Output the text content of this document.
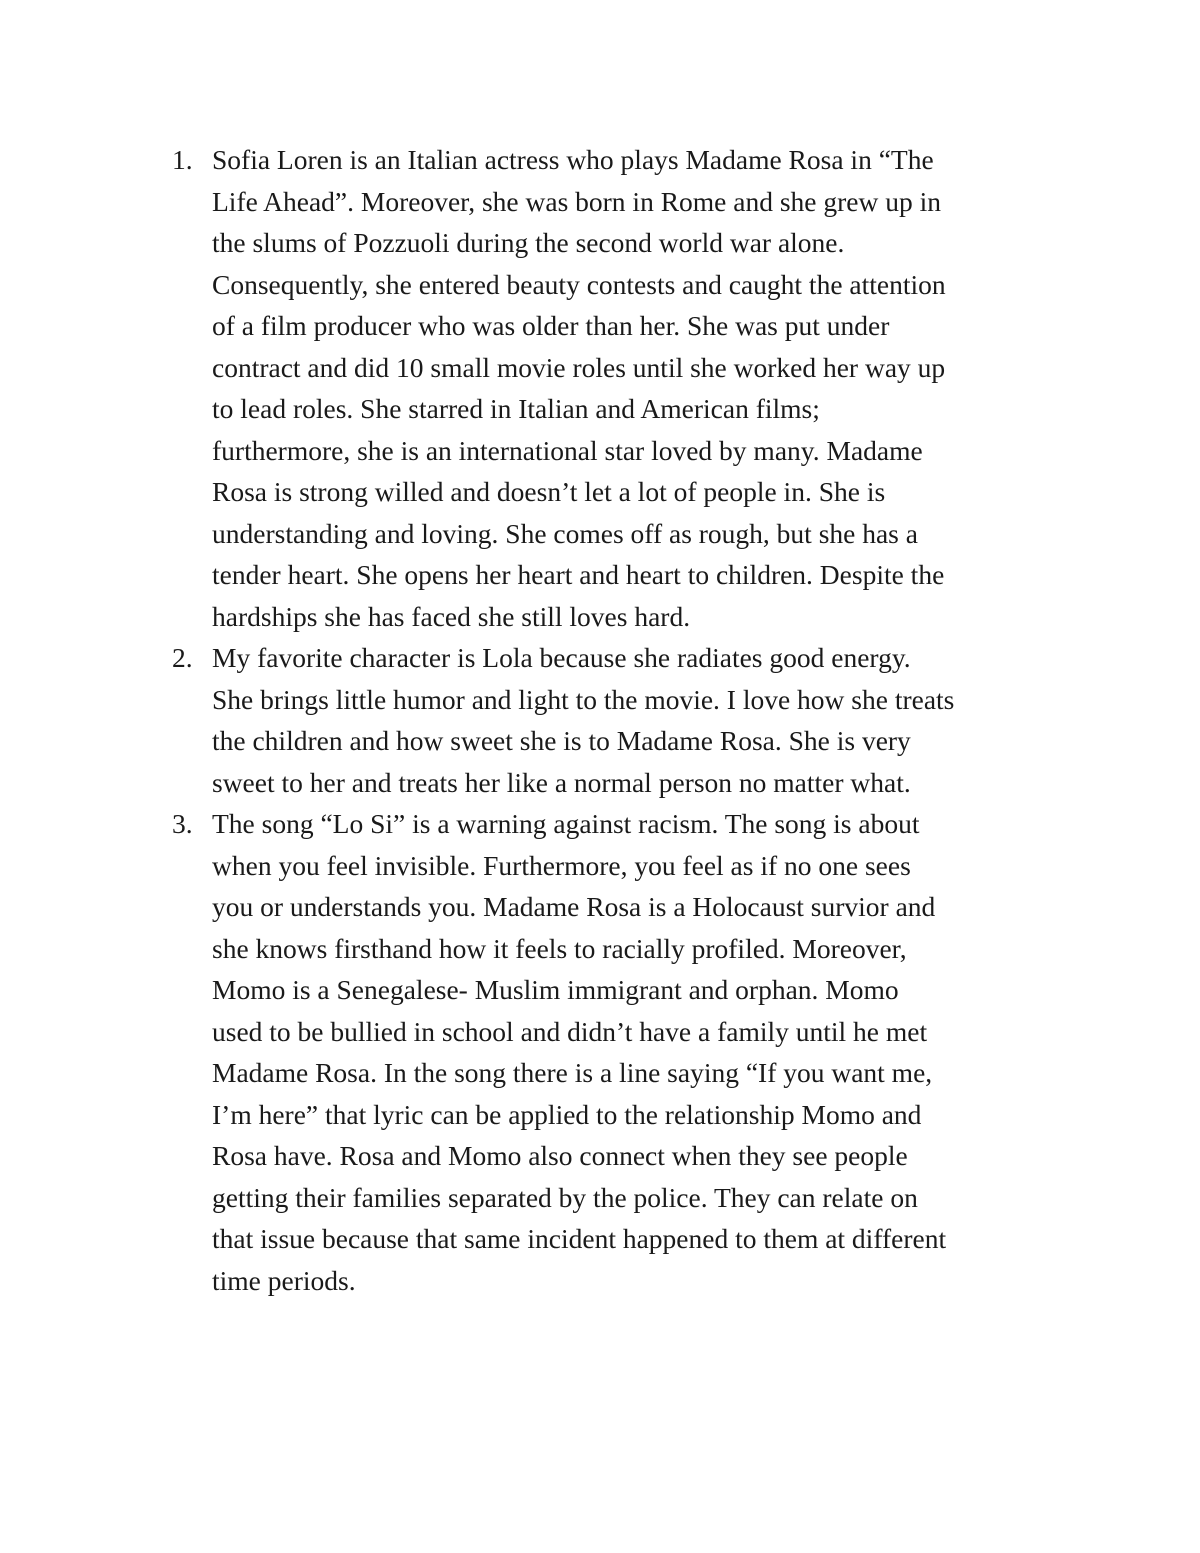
1. Sofia Loren is an Italian actress who plays Madame Rosa in “The
Life Ahead”. Moreover, she was born in Rome and she grew up in
the slums of Pozzuoli during the second world war alone.
Consequently, she entered beauty contests and caught the attention
of a film producer who was older than her. She was put under
contract and did 10 small movie roles until she worked her way up
to lead roles. She starred in Italian and American films;
furthermore, she is an international star loved by many. Madame
Rosa is strong willed and doesn’t let a lot of people in. She is
understanding and loving. She comes off as rough, but she has a
tender heart. She opens her heart and heart to children. Despite the
hardships she has faced she still loves hard.
2. My favorite character is Lola because she radiates good energy.
She brings little humor and light to the movie. I love how she treats
the children and how sweet she is to Madame Rosa. She is very
sweet to her and treats her like a normal person no matter what.
3. The song “Lo Si” is a warning against racism. The song is about
when you feel invisible. Furthermore, you feel as if no one sees
you or understands you. Madame Rosa is a Holocaust survior and
she knows firsthand how it feels to racially profiled. Moreover,
Momo is a Senegalese- Muslim immigrant and orphan. Momo
used to be bullied in school and didn’t have a family until he met
Madame Rosa. In the song there is a line saying “If you want me,
I’m here” that lyric can be applied to the relationship Momo and
Rosa have. Rosa and Momo also connect when they see people
getting their families separated by the police. They can relate on
that issue because that same incident happened to them at different
time periods.
